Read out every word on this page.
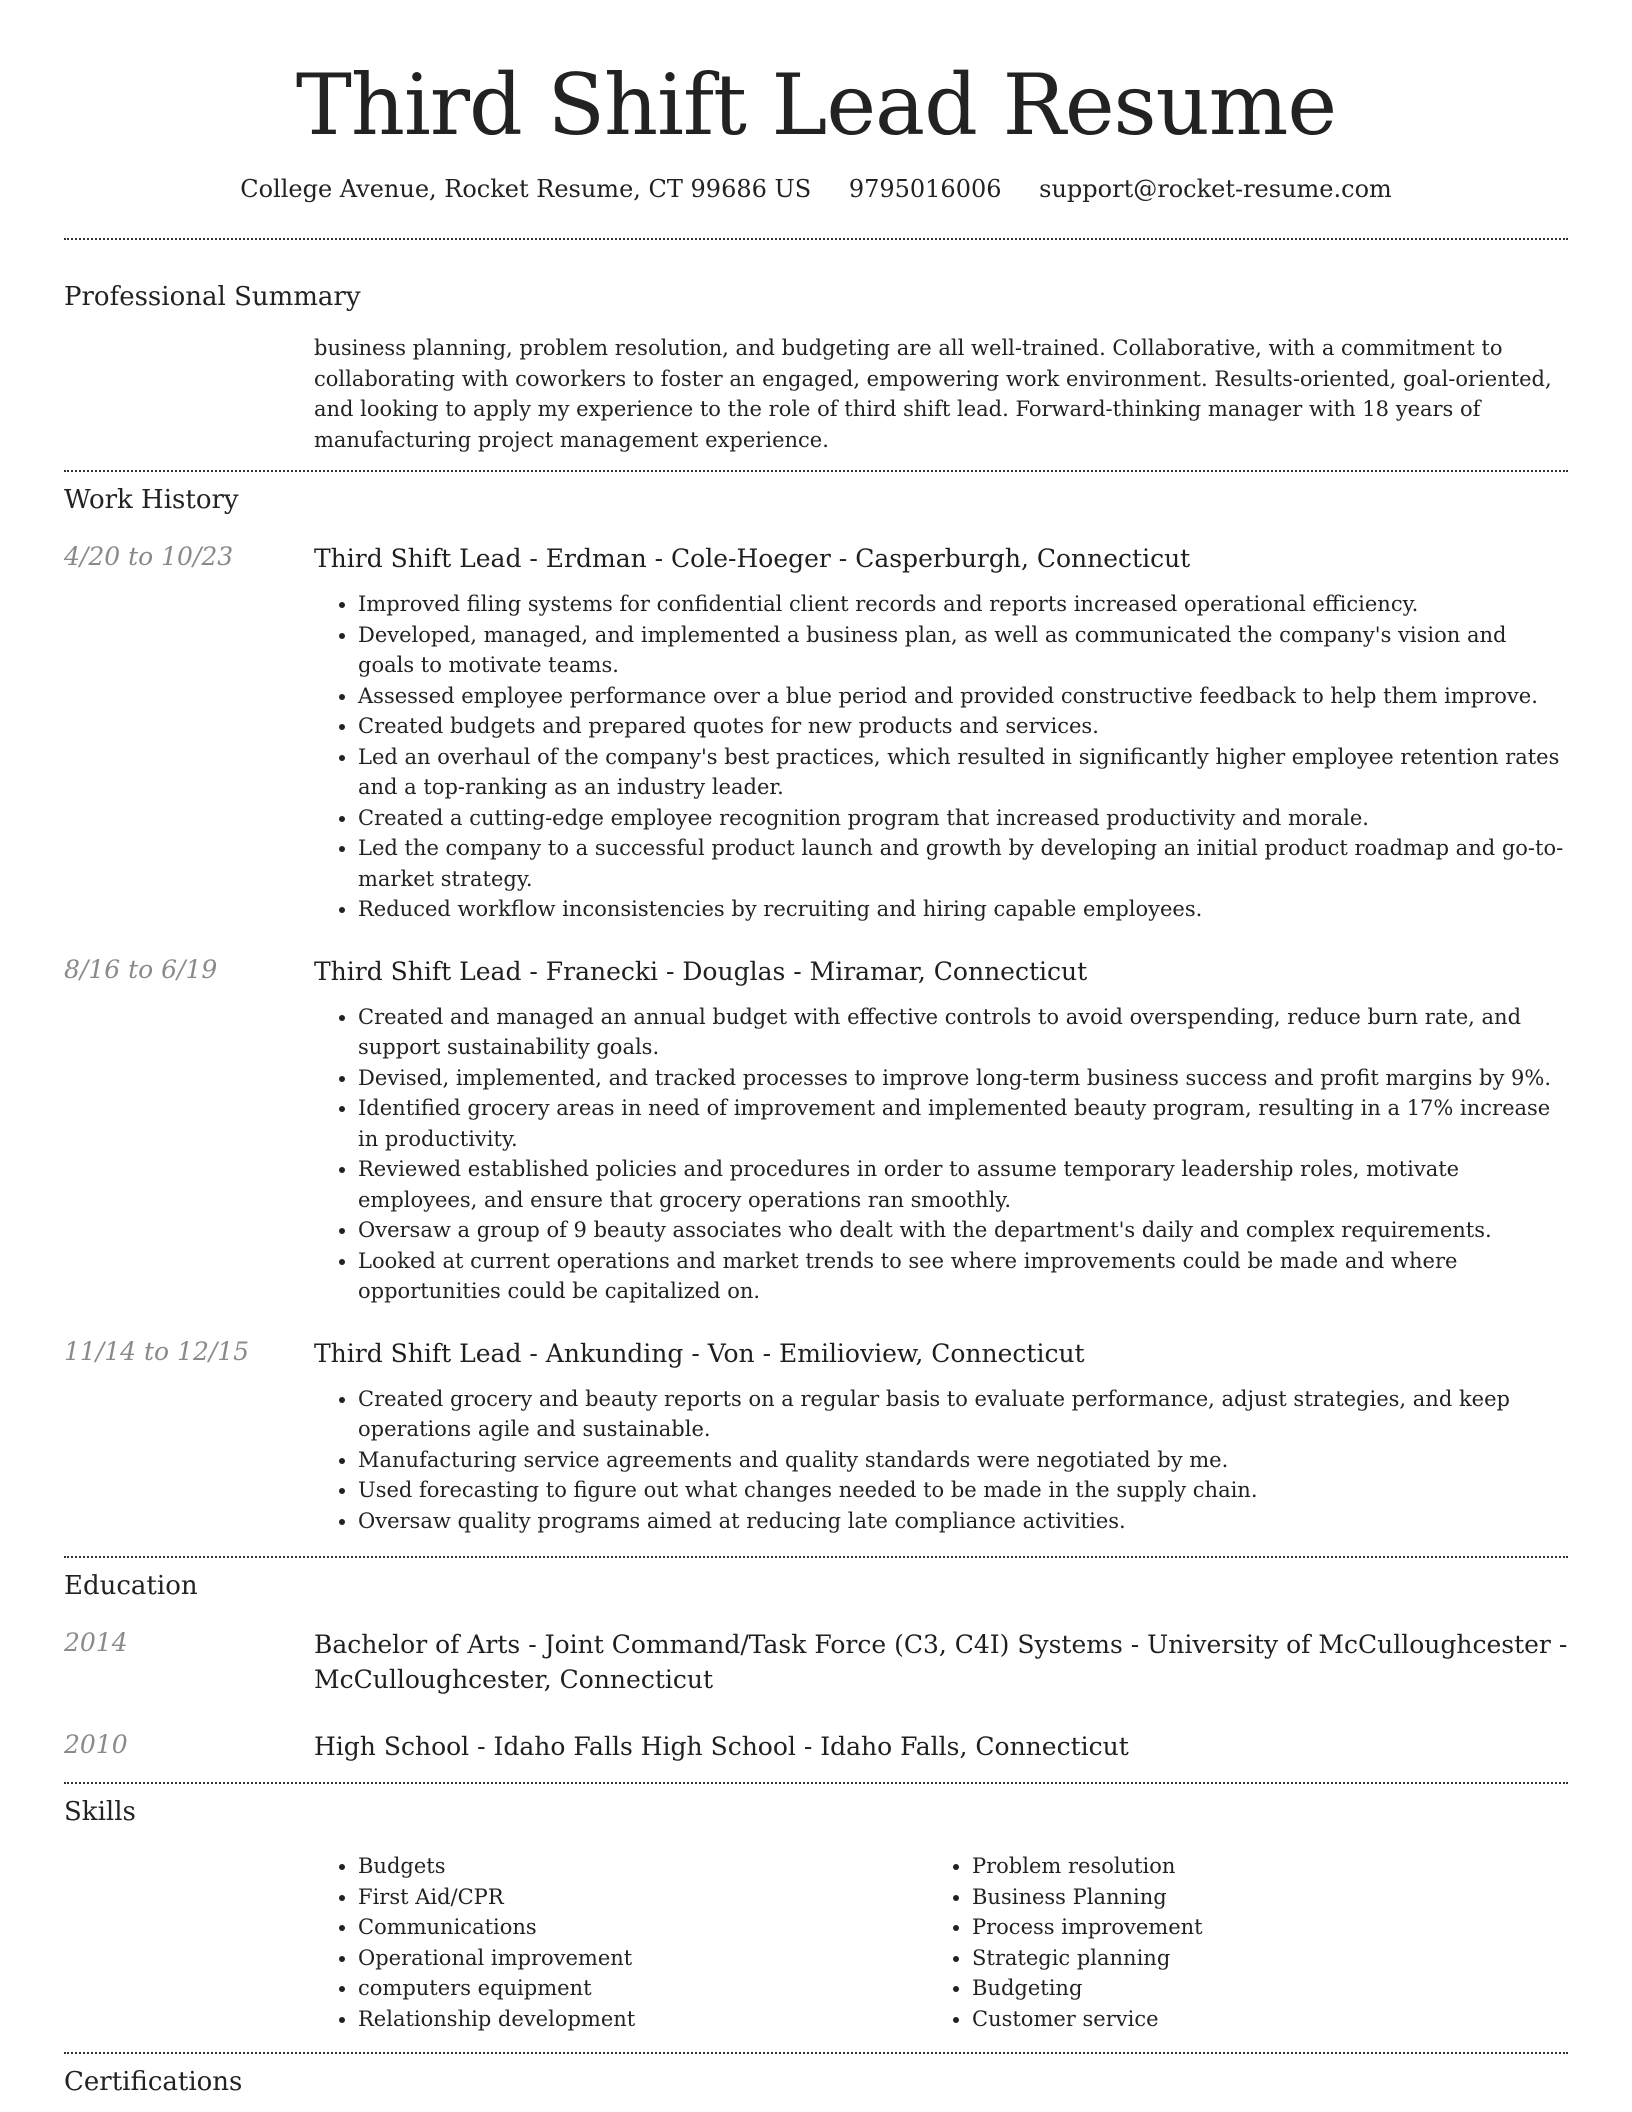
Third Shift Lead Resume
College Avenue, Rocket Resume, CT 99686 US 9795016006 support@rocket-resume.com
Professional Summary
business planning, problem resolution, and budgeting are all well-trained. Collaborative, with a commitment to collaborating with coworkers to foster an engaged, empowering work environment. Results-oriented, goal-oriented, and looking to apply my experience to the role of third shift lead. Forward-thinking manager with 18 years of manufacturing project management experience.
Work History
4/20 to 10/23	Third Shift Lead - Erdman - Cole-Hoeger - Casperburgh, Connecticut
• Improved filing systems for confidential client records and reports increased operational efficiency.
• Developed, managed, and implemented a business plan, as well as communicated the company's vision and goals to motivate teams.
• Assessed employee performance over a blue period and provided constructive feedback to help them improve.
• Created budgets and prepared quotes for new products and services.
• Led an overhaul of the company's best practices, which resulted in significantly higher employee retention rates and a top-ranking as an industry leader.
• Created a cutting-edge employee recognition program that increased productivity and morale.
• Led the company to a successful product launch and growth by developing an initial product roadmap and go-to-market strategy.
• Reduced workflow inconsistencies by recruiting and hiring capable employees.
8/16 to 6/19	Third Shift Lead - Franecki - Douglas - Miramar, Connecticut
• Created and managed an annual budget with effective controls to avoid overspending, reduce burn rate, and support sustainability goals.
• Devised, implemented, and tracked processes to improve long-term business success and profit margins by 9%.
• Identified grocery areas in need of improvement and implemented beauty program, resulting in a 17% increase in productivity.
• Reviewed established policies and procedures in order to assume temporary leadership roles, motivate employees, and ensure that grocery operations ran smoothly.
• Oversaw a group of 9 beauty associates who dealt with the department's daily and complex requirements.
• Looked at current operations and market trends to see where improvements could be made and where opportunities could be capitalized on.
11/14 to 12/15	Third Shift Lead - Ankunding - Von - Emilioview, Connecticut
• Created grocery and beauty reports on a regular basis to evaluate performance, adjust strategies, and keep operations agile and sustainable.
• Manufacturing service agreements and quality standards were negotiated by me.
• Used forecasting to figure out what changes needed to be made in the supply chain.
• Oversaw quality programs aimed at reducing late compliance activities.
Education
2014	Bachelor of Arts - Joint Command/Task Force (C3, C4I) Systems - University of McCulloughcester - McCulloughcester, Connecticut
2010	High School - Idaho Falls High School - Idaho Falls, Connecticut
Skills
• Budgets
• First Aid/CPR
• Communications
• Operational improvement
• computers equipment
• Relationship development
• Problem resolution
• Business Planning
• Process improvement
• Strategic planning
• Budgeting
• Customer service
Certifications
